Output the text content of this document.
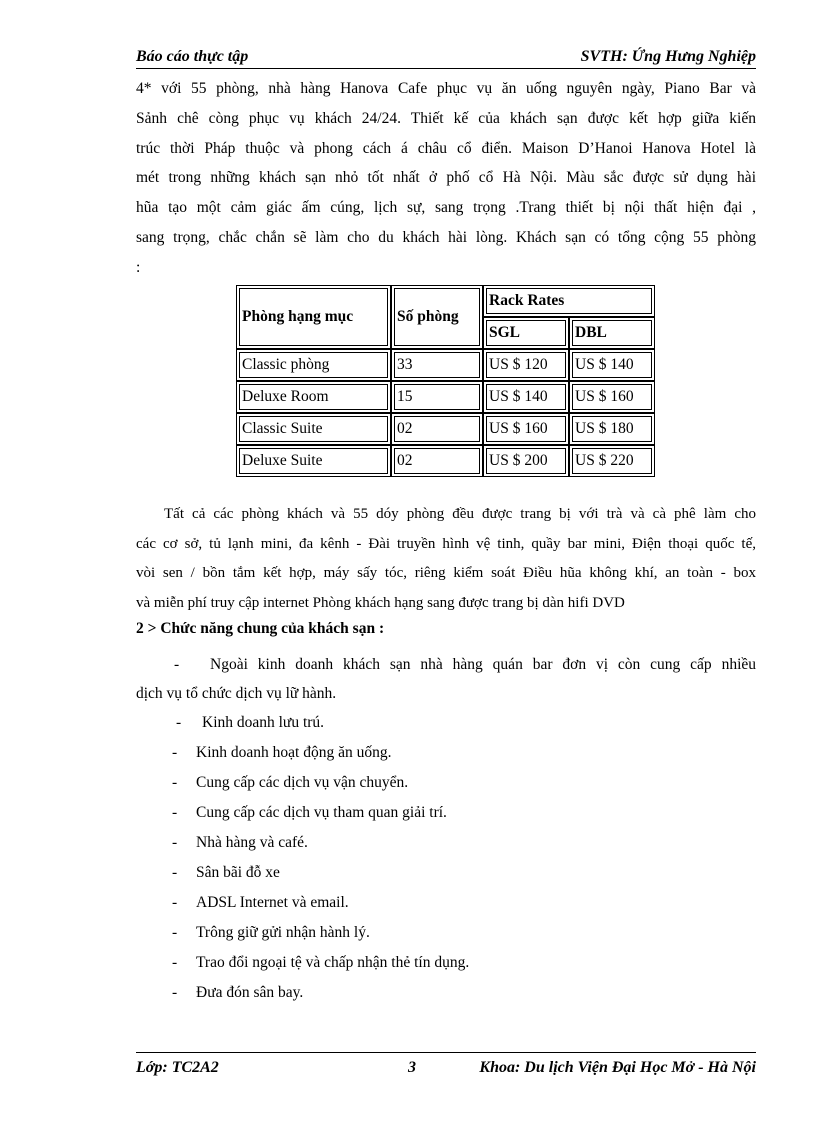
Báo cáo thực tập	SVTH: Ứng Hưng Nghiệp

4* với 55 phòng, nhà hàng Hanova Cafe phục vụ ăn uống nguyên ngày, Piano Bar và
Sảnh chê còng phục vụ khách 24/24. Thiết kế của khách sạn được kết hợp giữa kiến
trúc thời Pháp thuộc và phong cách á châu cổ điển. Maison D’Hanoi Hanova Hotel là
mét trong những khách sạn nhỏ tốt nhất ở phố cổ Hà Nội. Màu sắc được sử dụng hài
hũa tạo một cảm giác ấm cúng, lịch sự, sang trọng .Trang thiết bị nội thất hiện đại ,
sang trọng, chắc chắn sẽ làm cho du khách hài lòng. Khách sạn có tổng cộng 55 phòng
:

Phòng hạng mục	Số phòng	Rack Rates	
		SGL	DBL
Classic phòng	33	US $ 120	US $ 140
Deluxe Room	15	US $ 140	US $ 160
Classic Suite	02	US $ 160	US $ 180
Deluxe Suite	02	US $ 200	US $ 220

Tất cả các phòng khách và 55 dóy phòng đều được trang bị với trà và cà phê làm cho
các cơ sở, tủ lạnh mini, đa kênh - Đài truyền hình vệ tinh, quầy bar mini, Điện thoại quốc tế,
vòi sen / bồn tắm kết hợp, máy sấy tóc, riêng kiểm soát Điều hũa không khí, an toàn - box
và miễn phí truy cập internet Phòng khách hạng sang được trang bị dàn hifi DVD

2 > Chức năng chung của khách sạn :
- Ngoài kinh doanh khách sạn nhà hàng quán bar đơn vị còn cung cấp nhiều
dịch vụ tổ chức dịch vụ lữ hành.
- Kinh doanh lưu trú.
- Kinh doanh hoạt động ăn uống.
- Cung cấp các dịch vụ vận chuyển.
- Cung cấp các dịch vụ tham quan giải trí.
- Nhà hàng và café.
- Sân bãi đỗ xe
- ADSL Internet và email.
- Trông giữ gửi nhận hành lý.
- Trao đổi ngoại tệ và chấp nhận thẻ tín dụng.
- Đưa đón sân bay.
Lớp: TC2A2	3	Khoa: Du lịch Viện Đại Học Mở - Hà Nội
